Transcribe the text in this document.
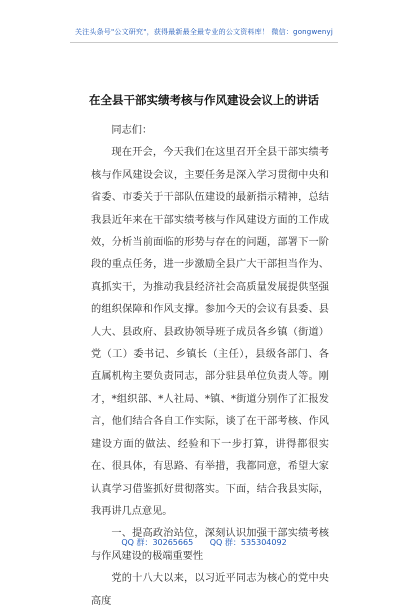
关注头条号"公文研究"，获得最新最全最专业的公文资料库！ 微信：gongwenyj
在全县干部实绩考核与作风建设会议上的讲话

同志们：

现在开会，今天我们在这里召开全县干部实绩考核与作风建设会议，主要任务是深入学习贯彻中央和省委、市委关于干部队伍建设的最新指示精神，总结我县近年来在干部实绩考核与作风建设方面的工作成效，分析当前面临的形势与存在的问题，部署下一阶段的重点任务，进一步激励全县广大干部担当作为、真抓实干，为推动我县经济社会高质量发展提供坚强的组织保障和作风支撑。参加今天的会议有县委、县人大、县政府、县政协领导班子成员各乡镇（街道）党（工）委书记、乡镇长（主任），县级各部门、各直属机构主要负责同志，部分驻县单位负责人等。刚才，*组织部、*人社局、*镇、*街道分别作了汇报发言，他们结合各自工作实际，谈了在干部考核、作风建设方面的做法、经验和下一步打算，讲得都很实在、很具体，有思路、有举措，我都同意，希望大家认真学习借鉴抓好贯彻落实。下面，结合我县实际，我再讲几点意见。

一、提高政治站位，深刻认识加强干部实绩考核与作风建设的极端重要性

党的十八大以来，以习近平同志为核心的党中央高度

QQ 群：30265665 QQ 群：535304092
